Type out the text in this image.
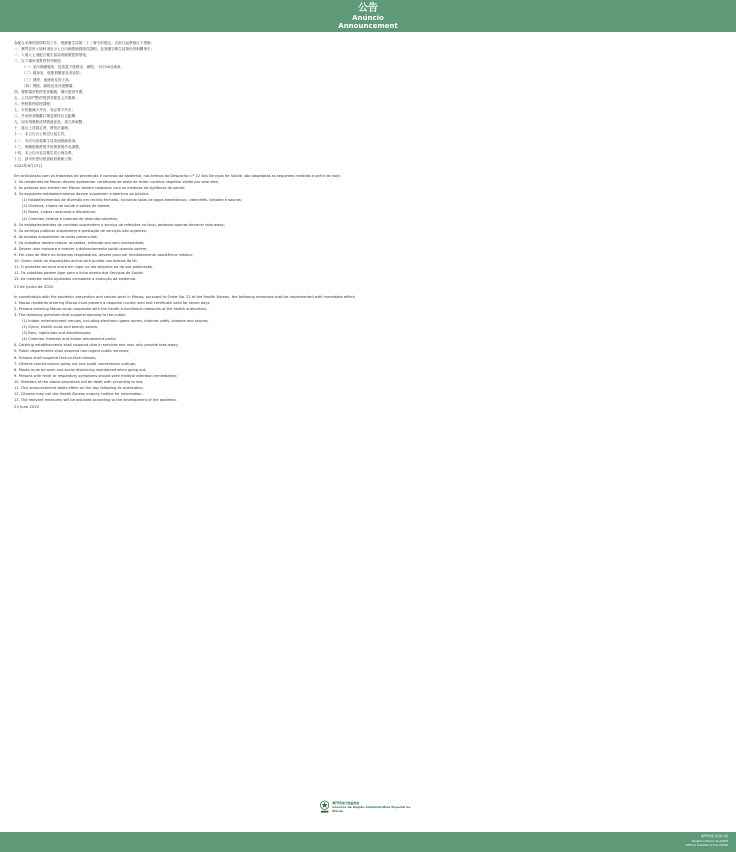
公告
Anúncio
Announcement
為配合本澳的疫情防控工作，根據衛生局第二十二號令的規定，自即日起實施以下措施：
一、澳門居民入境時須出示七日內核酸檢測陰性證明，並須遵守衛生局發出的相關指引；
二、入境人士須配合衛生當局的健康監察措施；
三、以下場所須暫停對外開放：
（一）室內娛樂場所，包括電子遊戲室、網吧、卡拉OK及桑拿；
（二）健身室、健康俱樂部及美容院；
（三）酒吧、夜總會及的士高；
（四）戲院、劇院及室內遊樂場；
四、餐飲場所暫停堂食服務，僅可提供外賣；
五、公共部門暫停提供非緊急公共服務；
六、學校暫停面授課程；
七、市民應減少外出，非必要不外出；
八、外出時須佩戴口罩並保持社交距離；
九、如出現發熱或呼吸道症狀，須立即就醫；
十、違反上述規定者，將依法處理。
十一、本公告自公佈翌日起生效。
十二、市民可致電衛生局查詢熱線查詢。
十三、相關措施將視乎疫情發展作出調整。
十四、本公告內容以衛生局公佈為準。
十五、請市民密切留意政府最新公佈。
2022年6月23日
Em articulação com os trabalhos de prevenção e controlo da epidemia, nos termos do Despacho n.º 22 dos Serviços de Saúde, são adoptadas as seguintes medidas a partir de hoje:
1. Os residentes de Macau devem apresentar certificado de teste de ácido nucleico negativo válido por sete dias;
2. As pessoas que entrem em Macau devem colaborar com as medidas de vigilância de saúde;
3. Os seguintes estabelecimentos devem suspender a abertura ao público:
(1) Estabelecimentos de diversão em recinto fechado, incluindo salas de jogos electrónicos, cibercafés, karaoke e saunas;
(2) Ginásios, clubes de saúde e salões de beleza;
(3) Bares, clubes nocturnos e discotecas;
(4) Cinemas, teatros e parques de diversão cobertos;
4. Os estabelecimentos de comidas suspendem o serviço de refeições no local, podendo apenas fornecer take-away;
5. Os serviços públicos suspendem a prestação de serviços não urgentes;
6. As escolas suspendem as aulas presenciais;
7. Os cidadãos devem reduzir as saídas, evitando sair sem necessidade;
8. Devem usar máscara e manter o distanciamento social quando saírem;
9. Em caso de febre ou sintomas respiratórios, devem procurar imediatamente assistência médica;
10. Quem violar as disposições acima será punido nos termos da lei.
11. O presente anúncio entra em vigor no dia seguinte ao da sua publicação.
12. Os cidadãos podem ligar para a linha aberta dos Serviços de Saúde.
13. As medidas serão ajustadas consoante a evolução da epidemia.
23 de Junho de 2022
In coordination with the epidemic prevention and control work in Macao, pursuant to Order No. 22 of the Health Bureau, the following measures shall be implemented with immediate effect:
1. Macao residents entering Macao must present a negative nucleic acid test certificate valid for seven days;
2. Persons entering Macao must cooperate with the health surveillance measures of the health authorities;
3. The following premises shall suspend opening to the public:
(1) Indoor entertainment venues, including electronic game rooms, internet cafés, karaoke and saunas;
(2) Gyms, health clubs and beauty salons;
(3) Bars, nightclubs and discotheques;
(4) Cinemas, theatres and indoor amusement parks;
4. Catering establishments shall suspend dine-in services and may only provide take-away;
5. Public departments shall suspend non-urgent public services;
6. Schools shall suspend face-to-face classes;
7. Citizens should reduce going out and avoid unnecessary outings;
8. Masks must be worn and social distancing maintained when going out;
9. Persons with fever or respiratory symptoms should seek medical attention immediately;
10. Violators of the above provisions will be dealt with according to law.
11. This announcement takes effect on the day following its publication.
12. Citizens may call the Health Bureau enquiry hotline for information.
13. The relevant measures will be adjusted according to the development of the epidemic.
23 June 2022
澳門特別行政區政府
Governo da Região Administrativa Especial de Macau
澳門特別行政區公報
Boletim Oficial da RAEM
Official Gazette of the MSAR
